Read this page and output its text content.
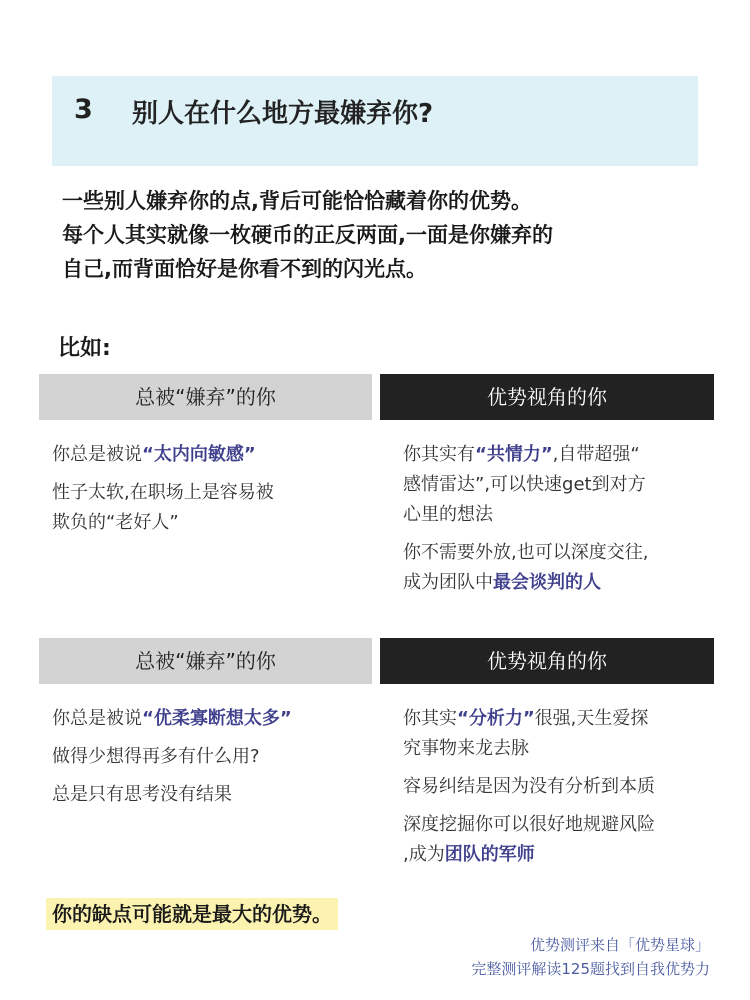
3 别人在什么地方最嫌弃你?
一些别人嫌弃你的点,背后可能恰恰藏着你的优势。
每个人其实就像一枚硬币的正反两面,一面是你嫌弃的
自己,而背面恰好是你看不到的闪光点。
比如:
总被“嫌弃”的你	优势视角的你

你总是被说“太内向敏感”

性子太软,在职场上是容易被

欺负的“老好人”

你其实有“共情力”,自带超强“

感情雷达”,可以快速get到对方

心里的想法

你不需要外放,也可以深度交往,

成为团队中最会谈判的人

总被“嫌弃”的你	优势视角的你

你总是被说“优柔寡断想太多”

做得少想得再多有什么用?

总是只有思考没有结果

你其实“分析力”很强,天生爱探

究事物来龙去脉

容易纠结是因为没有分析到本质

深度挖掘你可以很好地规避风险

,成为团队的军师

你的缺点可能就是最大的优势。
优势测评来自「优势星球」
完整测评解读125题找到自我优势力
